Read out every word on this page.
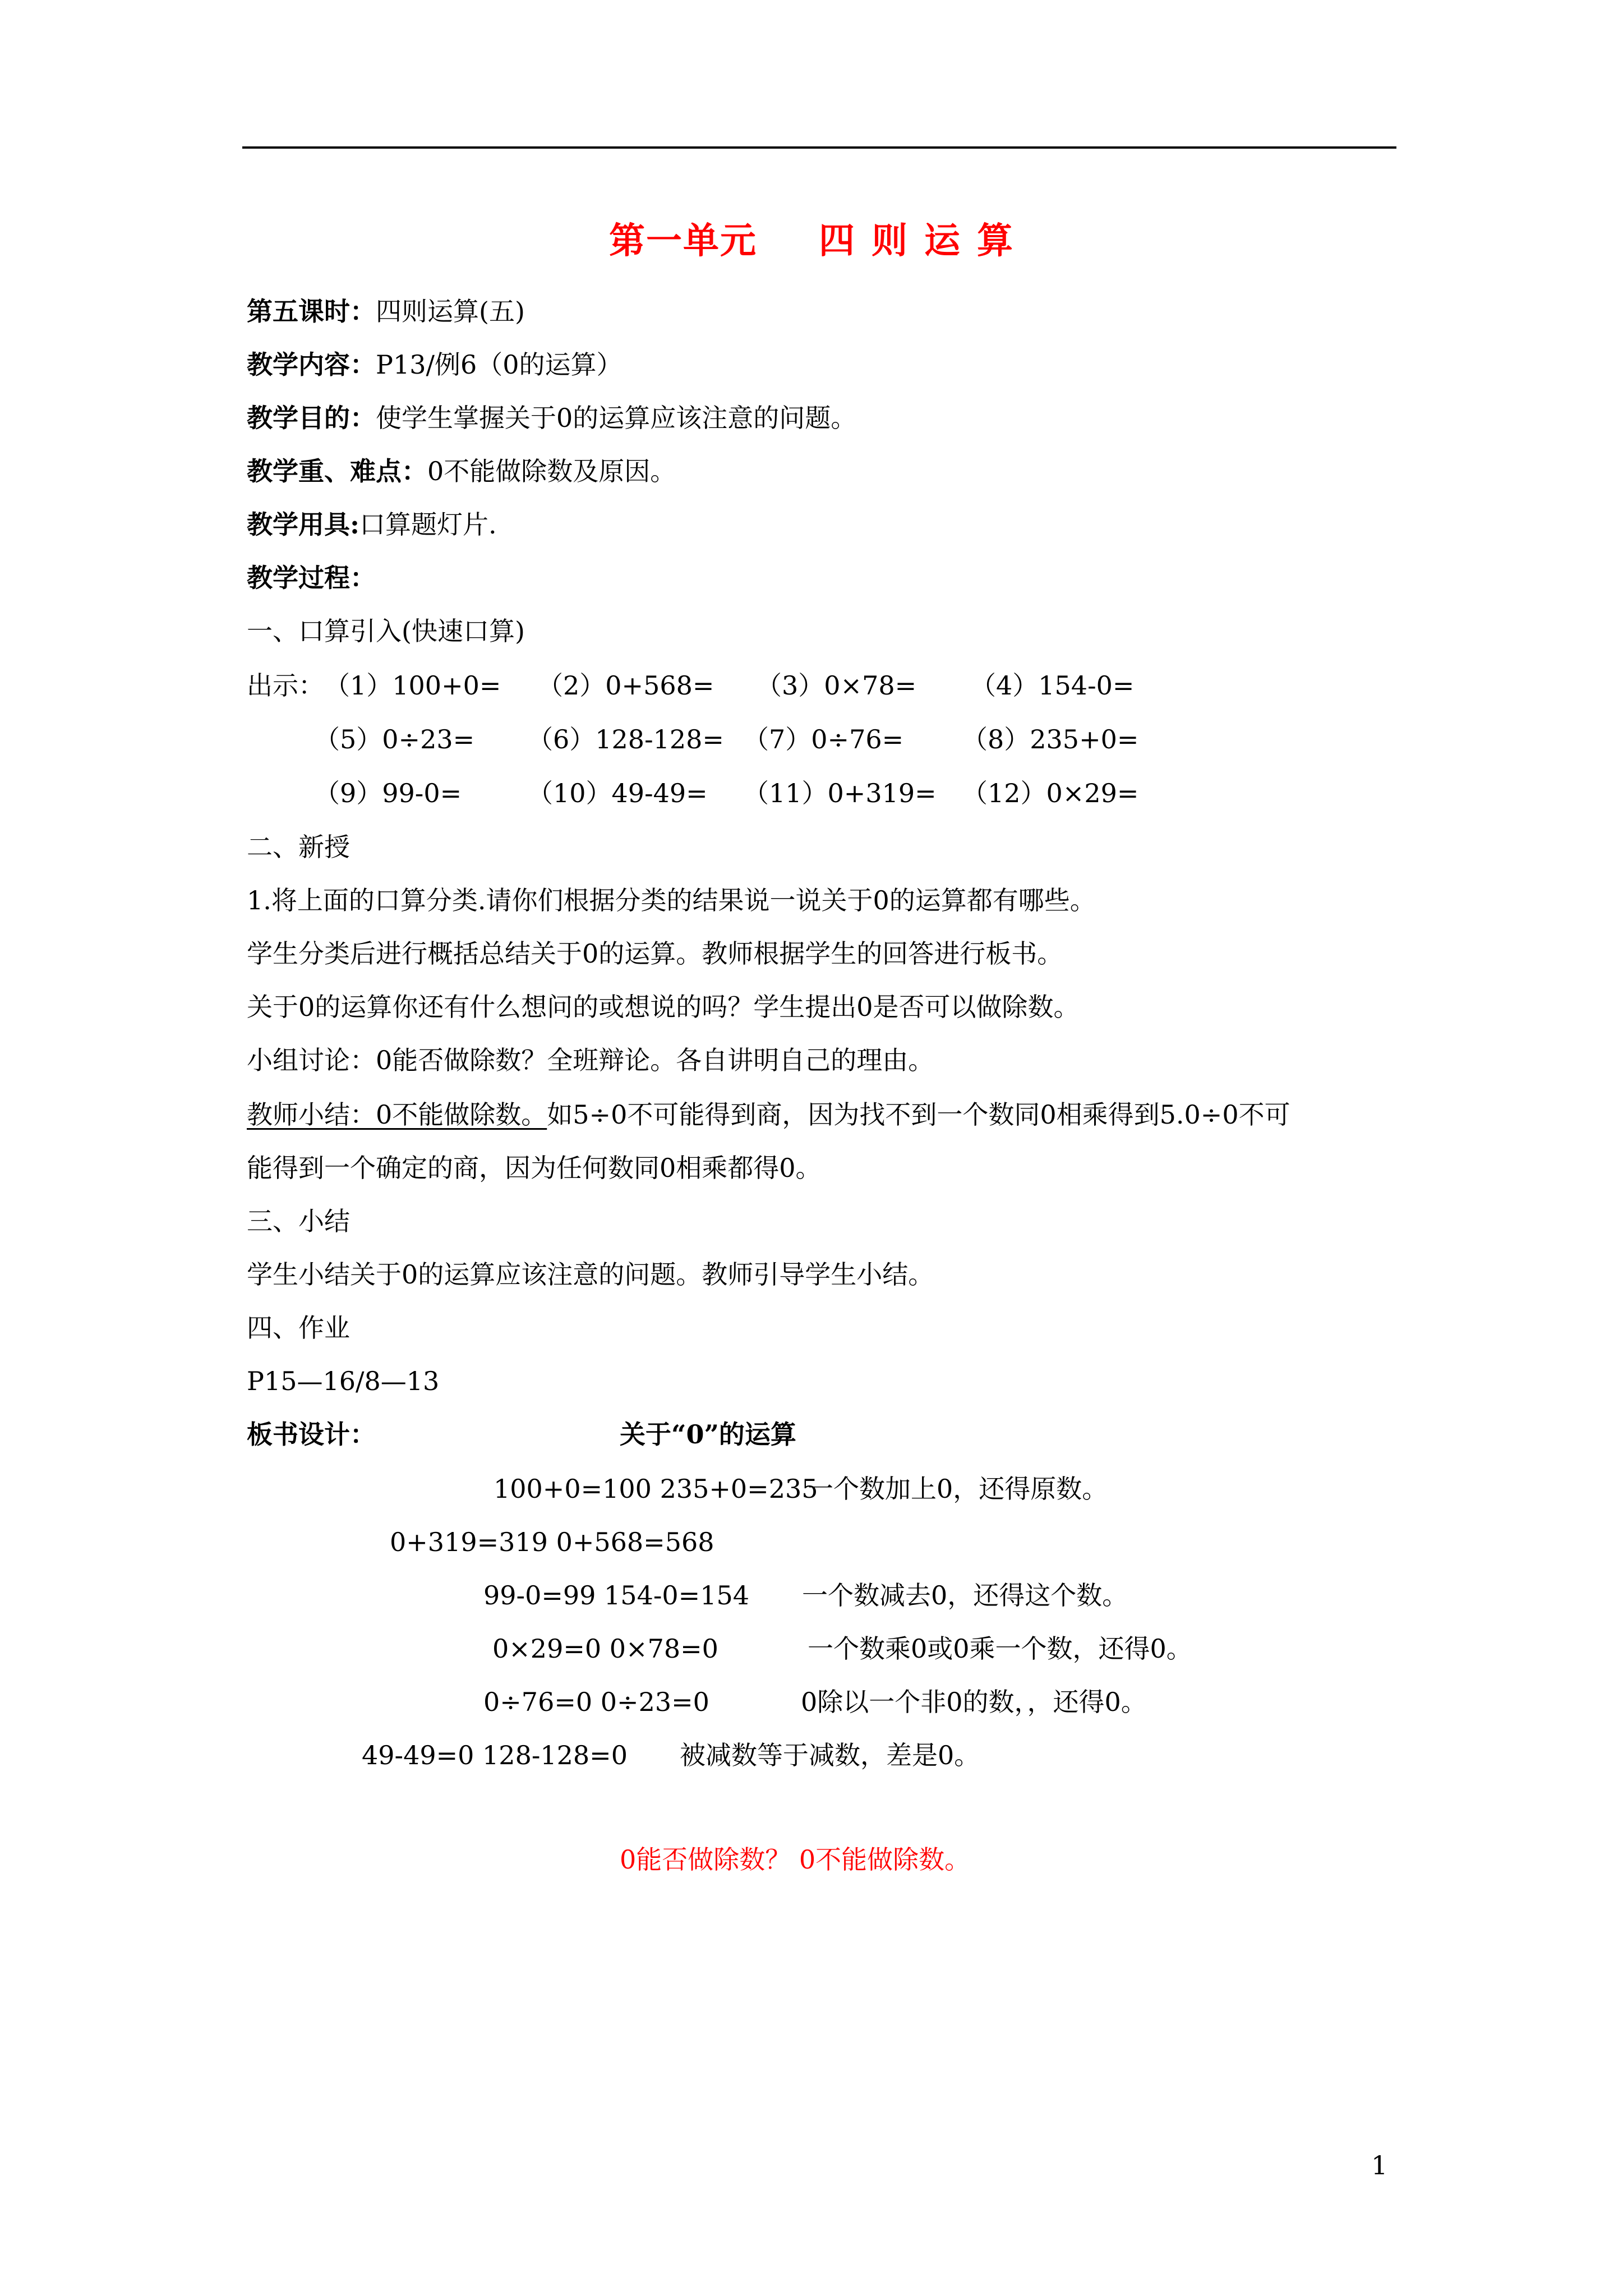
第一单元 四 则 运 算
第五课时：四则运算(五)
教学内容：P13/例6（0的运算）
教学目的：使学生掌握关于0的运算应该注意的问题。
教学重、难点：0不能做除数及原因。
教学用具:口算题灯片.
教学过程：
一、口算引入(快速口算)
出示： （1）100+0= （2）0+568= （3）0×78= （4）154-0=
（5）0÷23= （6）128-128= （7）0÷76= （8）235+0=
（9）99-0=	（10）49-49= （11）0+319= （12）0×29=
二、新授
1.将上面的口算分类.请你们根据分类的结果说一说关于0的运算都有哪些。
学生分类后进行概括总结关于0的运算。教师根据学生的回答进行板书。
关于0的运算你还有什么想问的或想说的吗？学生提出0是否可以做除数。
小组讨论：0能否做除数？全班辩论。各自讲明自己的理由。
教师小结：0不能做除数。如5÷0不可能得到商，因为找不到一个数同0相乘得到5.0÷0不可
能得到一个确定的商，因为任何数同0相乘都得0。
三、小结
学生小结关于0的运算应该注意的问题。教师引导学生小结。
四、作业
P15—16/8—13
板书设计：	关于“0”的运算
100+0=100 235+0=235
一个数加上0，还得原数。
0+319=319 0+568=568
99-0=99 154-0=154 一个数减去0，还得这个数。
0×29=0 0×78=0	一个数乘0或0乘一个数，还得0。
0÷76=0 0÷23=0	0除以一个非0的数，，还得0。
49-49=0 128-128=0 被减数等于减数，差是0。
0能否做除数？ 0不能做除数。
1
